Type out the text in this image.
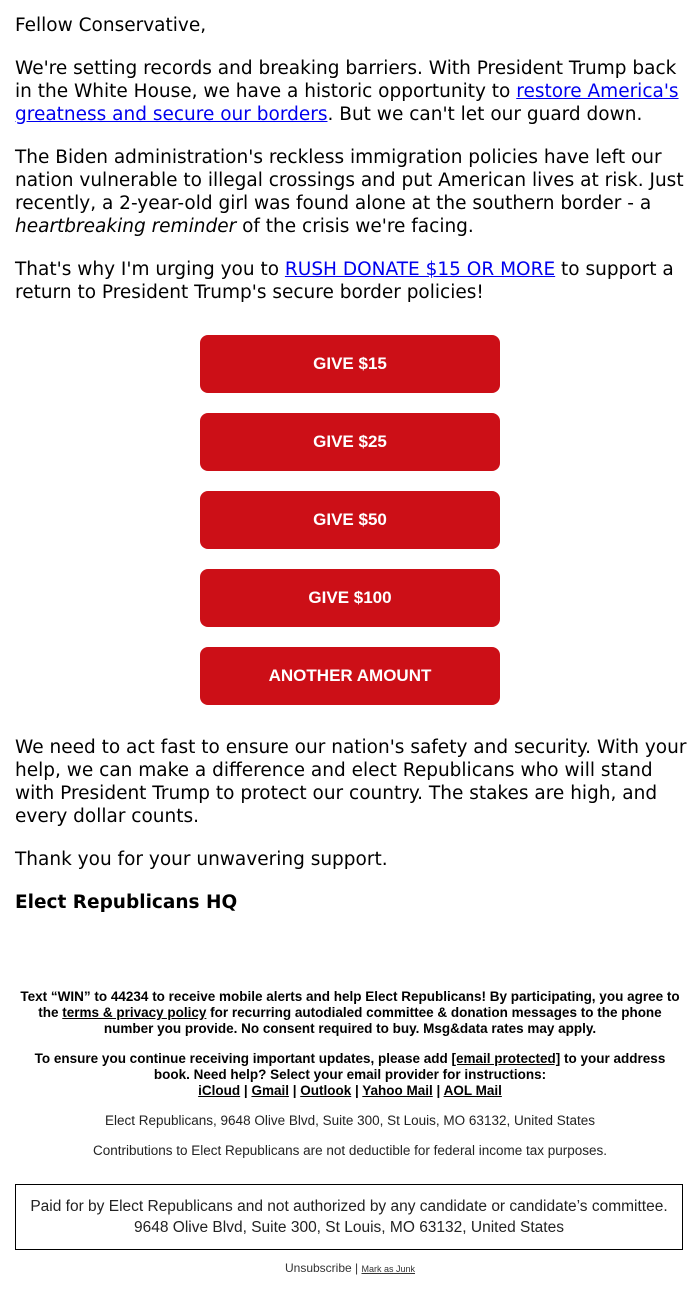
Fellow Conservative,

We're setting records and breaking barriers. With President Trump back in the White House, we have a historic opportunity to restore America's greatness and secure our borders. But we can't let our guard down.

The Biden administration's reckless immigration policies have left our nation vulnerable to illegal crossings and put American lives at risk. Just recently, a 2-year-old girl was found alone at the southern border - a heartbreaking reminder of the crisis we're facing.

That's why I'm urging you to RUSH DONATE $15 OR MORE to support a return to President Trump's secure border policies!

GIVE $15
GIVE $25
GIVE $50
GIVE $100
ANOTHER AMOUNT

We need to act fast to ensure our nation's safety and security. With your help, we can make a difference and elect Republicans who will stand with President Trump to protect our country. The stakes are high, and every dollar counts.

Thank you for your unwavering support.

Elect Republicans HQ

Text “WIN” to 44234 to receive mobile alerts and help Elect Republicans! By participating, you agree to the terms & privacy policy for recurring autodialed committee & donation messages to the phone number you provide. No consent required to buy. Msg&data rates may apply.

To ensure you continue receiving important updates, please add [email protected] to your address book. Need help? Select your email provider for instructions:
iCloud | Gmail | Outlook | Yahoo Mail | AOL Mail

Elect Republicans, 9648 Olive Blvd, Suite 300, St Louis, MO 63132, United States

Contributions to Elect Republicans are not deductible for federal income tax purposes.

Paid for by Elect Republicans and not authorized by any candidate or candidate’s committee. 9648 Olive Blvd, Suite 300, St Louis, MO 63132, United States
Unsubscribe | Mark as Junk
